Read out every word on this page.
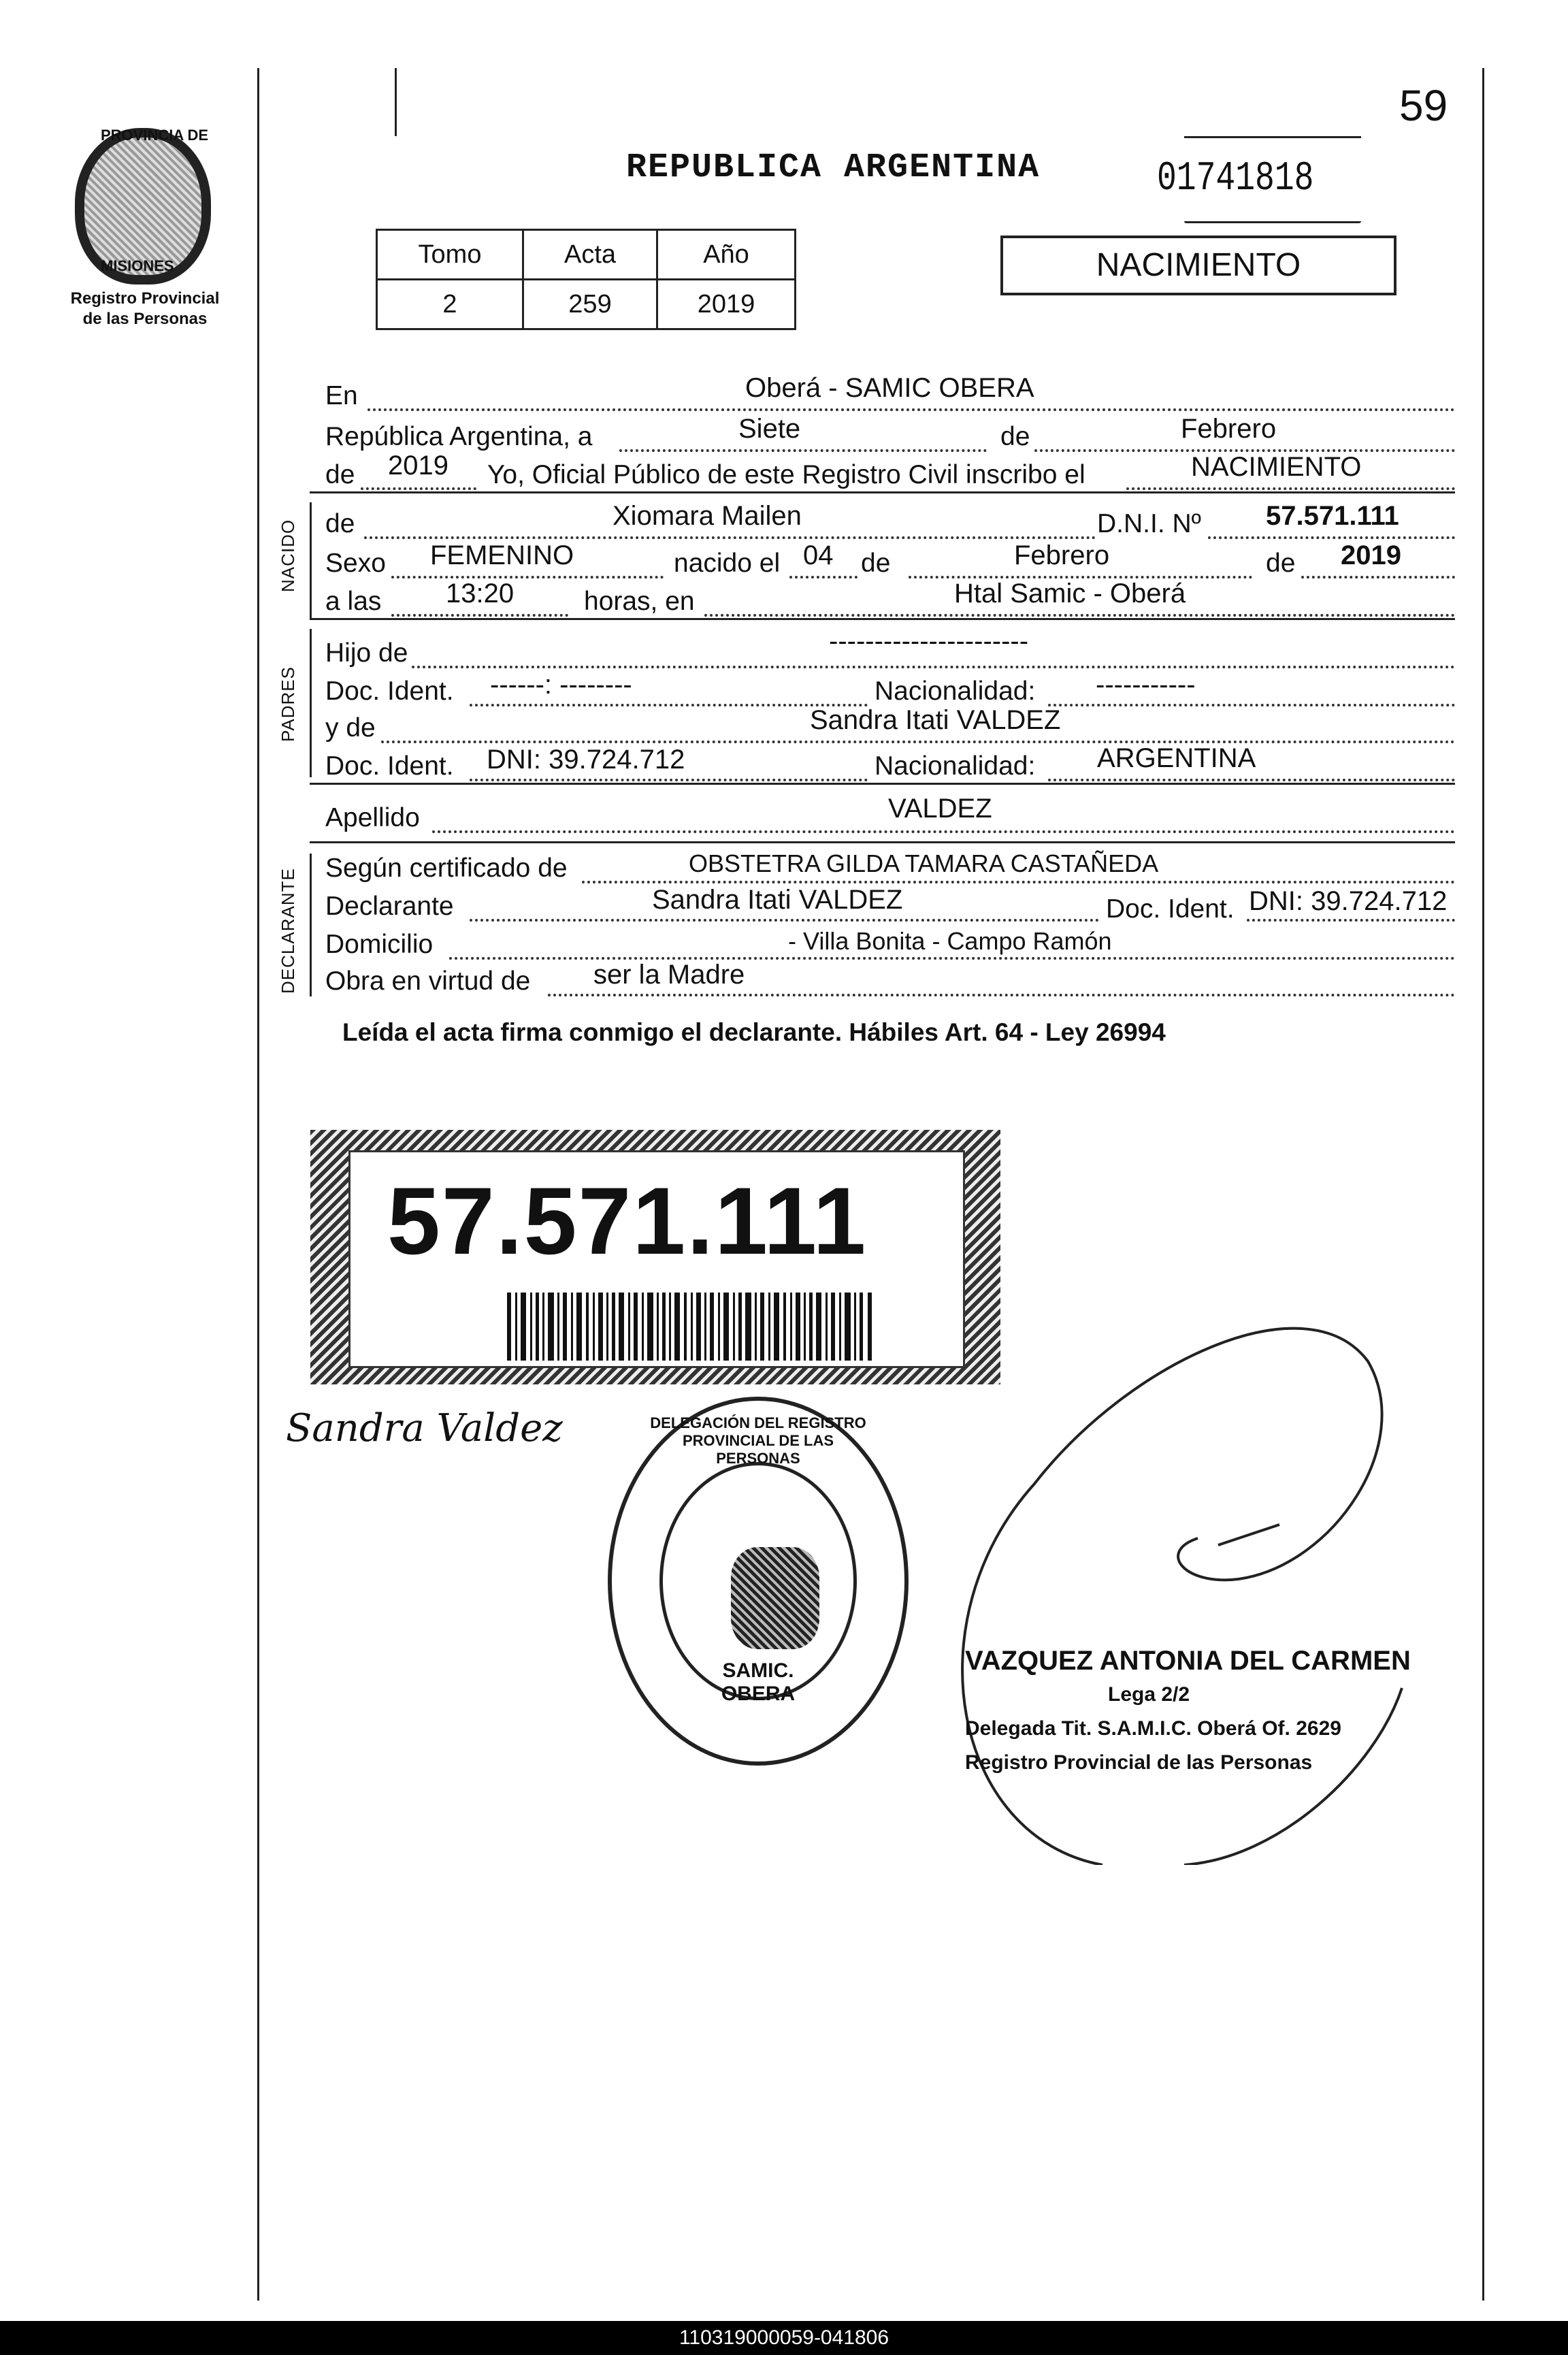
PROVINCIA DE
MISIONES
Registro Provincial de las Personas
59
REPUBLICA ARGENTINA	01741818
Tomo	Acta	Año
2	259	2019
NACIMIENTO
En	Oberá - SAMIC OBERA
República Argentina, a	Siete	de	Febrero
de 2019 Yo, Oficial Público de este Registro Civil inscribo el	NACIMIENTO
NACIDO de	Xiomara Mailen	D.N.I. Nº 57.571.111
Sexo FEMENINO	nacido el 04 de	Febrero	de 2019
a las 13:20	horas, en	Htal Samic - Oberá
PADRES
Hijo de	----------------------
Doc. Ident. ------: --------	Nacionalidad: -----------
y de	Sandra Itati VALDEZ
Doc. Ident. DNI: 39.724.712	Nacionalidad: ARGENTINA
Apellido	VALDEZ
DECLARANTE Según certificado de	OBSTETRA GILDA TAMARA CASTAÑEDA
Declarante	Sandra Itati VALDEZ	Doc. Ident. DNI: 39.724.712
Domicilio	- Villa Bonita - Campo Ramón
Obra en virtud de ser la Madre
Leída el acta firma conmigo el declarante. Hábiles Art. 64 - Ley 26994
57.571.111
Sandra Valdez	DELEGACIÓN DEL REGISTRO PROVINCIAL DE LAS PERSONAS
SAMIC. OBERA
VAZQUEZ ANTONIA DEL CARMEN
Lega 2/2
Delegada Tit. S.A.M.I.C. Oberá Of. 2629
Registro Provincial de las Personas
110319000059-041806
